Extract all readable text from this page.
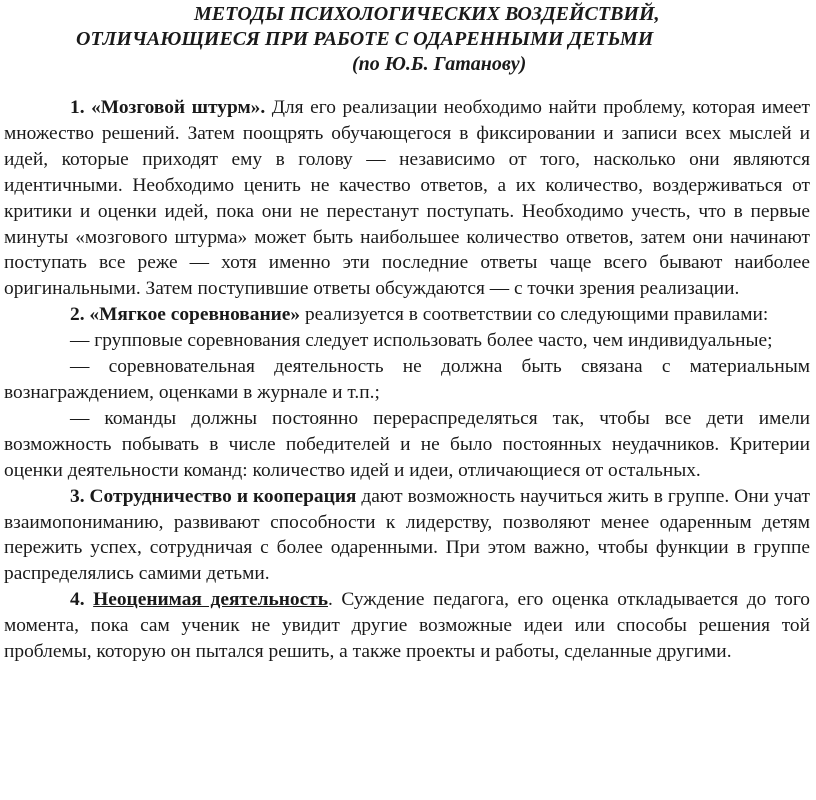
МЕТОДЫ ПСИХОЛОГИЧЕСКИХ ВОЗДЕЙСТВИЙ,
ОТЛИЧАЮЩИЕСЯ ПРИ РАБОТЕ С ОДАРЕННЫМИ ДЕТЬМИ
(по Ю.Б. Гатанову)

1. «Мозговой штурм». Для его реализации необходимо найти проблему, которая имеет множество решений. Затем поощрять обучающегося в фиксировании и записи всех мыслей и идей, которые приходят ему в голову — независимо от того, насколько они являются идентичными. Необходимо ценить не качество ответов, а их количество, воздерживаться от критики и оценки идей, пока они не перестанут поступать. Необходимо учесть, что в первые минуты «мозгового штурма» может быть наибольшее количество ответов, затем они начинают поступать все реже — хотя именно эти последние ответы чаще всего бывают наиболее оригинальными. Затем поступившие ответы обсуждаются — с точки зрения реализации.

2. «Мягкое соревнование» реализуется в соответствии со следующими правилами:

— групповые соревнования следует использовать более часто, чем индивидуальные;

— соревновательная деятельность не должна быть связана с материальным вознаграждением, оценками в журнале и т.п.;

— команды должны постоянно перераспределяться так, чтобы все дети имели возможность побывать в числе победителей и не было постоянных неудачников. Критерии оценки деятельности команд: количество идей и идеи, отличающиеся от остальных.

3. Сотрудничество и кооперация дают возможность научиться жить в группе. Они учат взаимопониманию, развивают способности к лидерству, позволяют менее одаренным детям пережить успех, сотрудничая с более одаренными. При этом важно, чтобы функции в группе распределялись самими детьми.

4. Неоценимая деятельность. Суждение педагога, его оценка откладывается до того момента, пока сам ученик не увидит другие возможные идеи или способы решения той проблемы, которую он пытался решить, а также проекты и работы, сделанные другими.
